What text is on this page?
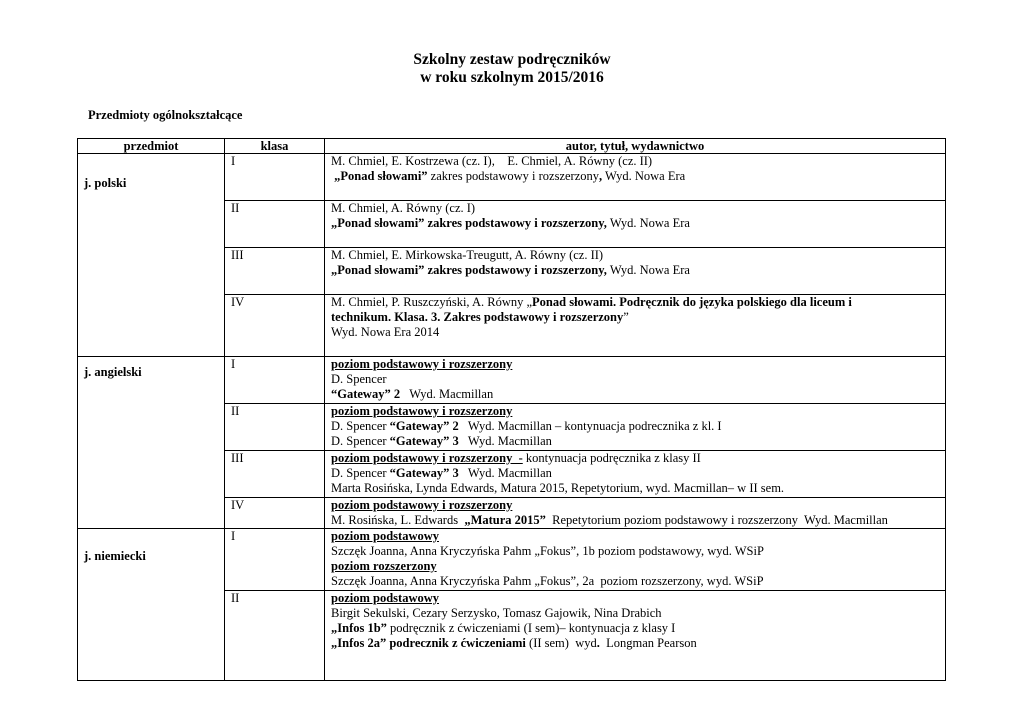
Szkolny zestaw podręczników
w roku szkolnym 2015/2016
Przedmioty ogólnokształcące
przedmiot	klasa	autor, tytuł, wydawnictwo

j. polski	I	M. Chmiel, E. Kostrzewa (cz. I),    E. Chmiel, A. Równy (cz. II)
„Ponad słowami” zakres podstawowy i rozszerzony, Wyd. Nowa Era

	II	M. Chmiel, A. Równy (cz. I)
„Ponad słowami” zakres podstawowy i rozszerzony, Wyd. Nowa Era

	III	M. Chmiel, E. Mirkowska-Treugutt, A. Równy (cz. II)
„Ponad słowami” zakres podstawowy i rozszerzony, Wyd. Nowa Era

	IV	M. Chmiel, P. Ruszczyński, A. Równy „Ponad słowami. Podręcznik do języka polskiego dla liceum i
technikum. Klasa. 3. Zakres podstawowy i rozszerzony”
Wyd. Nowa Era 2014

j. angielski	I	poziom podstawowy i rozszerzony
D. Spencer
“Gateway” 2   Wyd. Macmillan

	II	poziom podstawowy i rozszerzony
D. Spencer “Gateway” 2   Wyd. Macmillan – kontynuacja podrecznika z kl. I
D. Spencer “Gateway” 3   Wyd. Macmillan

	III	poziom podstawowy i rozszerzony  - kontynuacja podręcznika z klasy II
D. Spencer “Gateway” 3   Wyd. Macmillan
Marta Rosińska, Lynda Edwards, Matura 2015, Repetytorium, wyd. Macmillan– w II sem.

	IV	poziom podstawowy i rozszerzony
M. Rosińska, L. Edwards  „Matura 2015”  Repetytorium poziom podstawowy i rozszerzony  Wyd. Macmillan

j. niemiecki	I	poziom podstawowy
Szczęk Joanna, Anna Kryczyńska Pahm „Fokus”, 1b poziom podstawowy, wyd. WSiP
poziom rozszerzony
Szczęk Joanna, Anna Kryczyńska Pahm „Fokus”, 2a  poziom rozszerzony, wyd. WSiP

	II	poziom podstawowy
Birgit Sekulski, Cezary Serzysko, Tomasz Gajowik, Nina Drabich
„Infos 1b” podręcznik z ćwiczeniami (I sem)– kontynuacja z klasy I
„Infos 2a” podrecznik z ćwiczeniami (II sem)  wyd.  Longman Pearson
